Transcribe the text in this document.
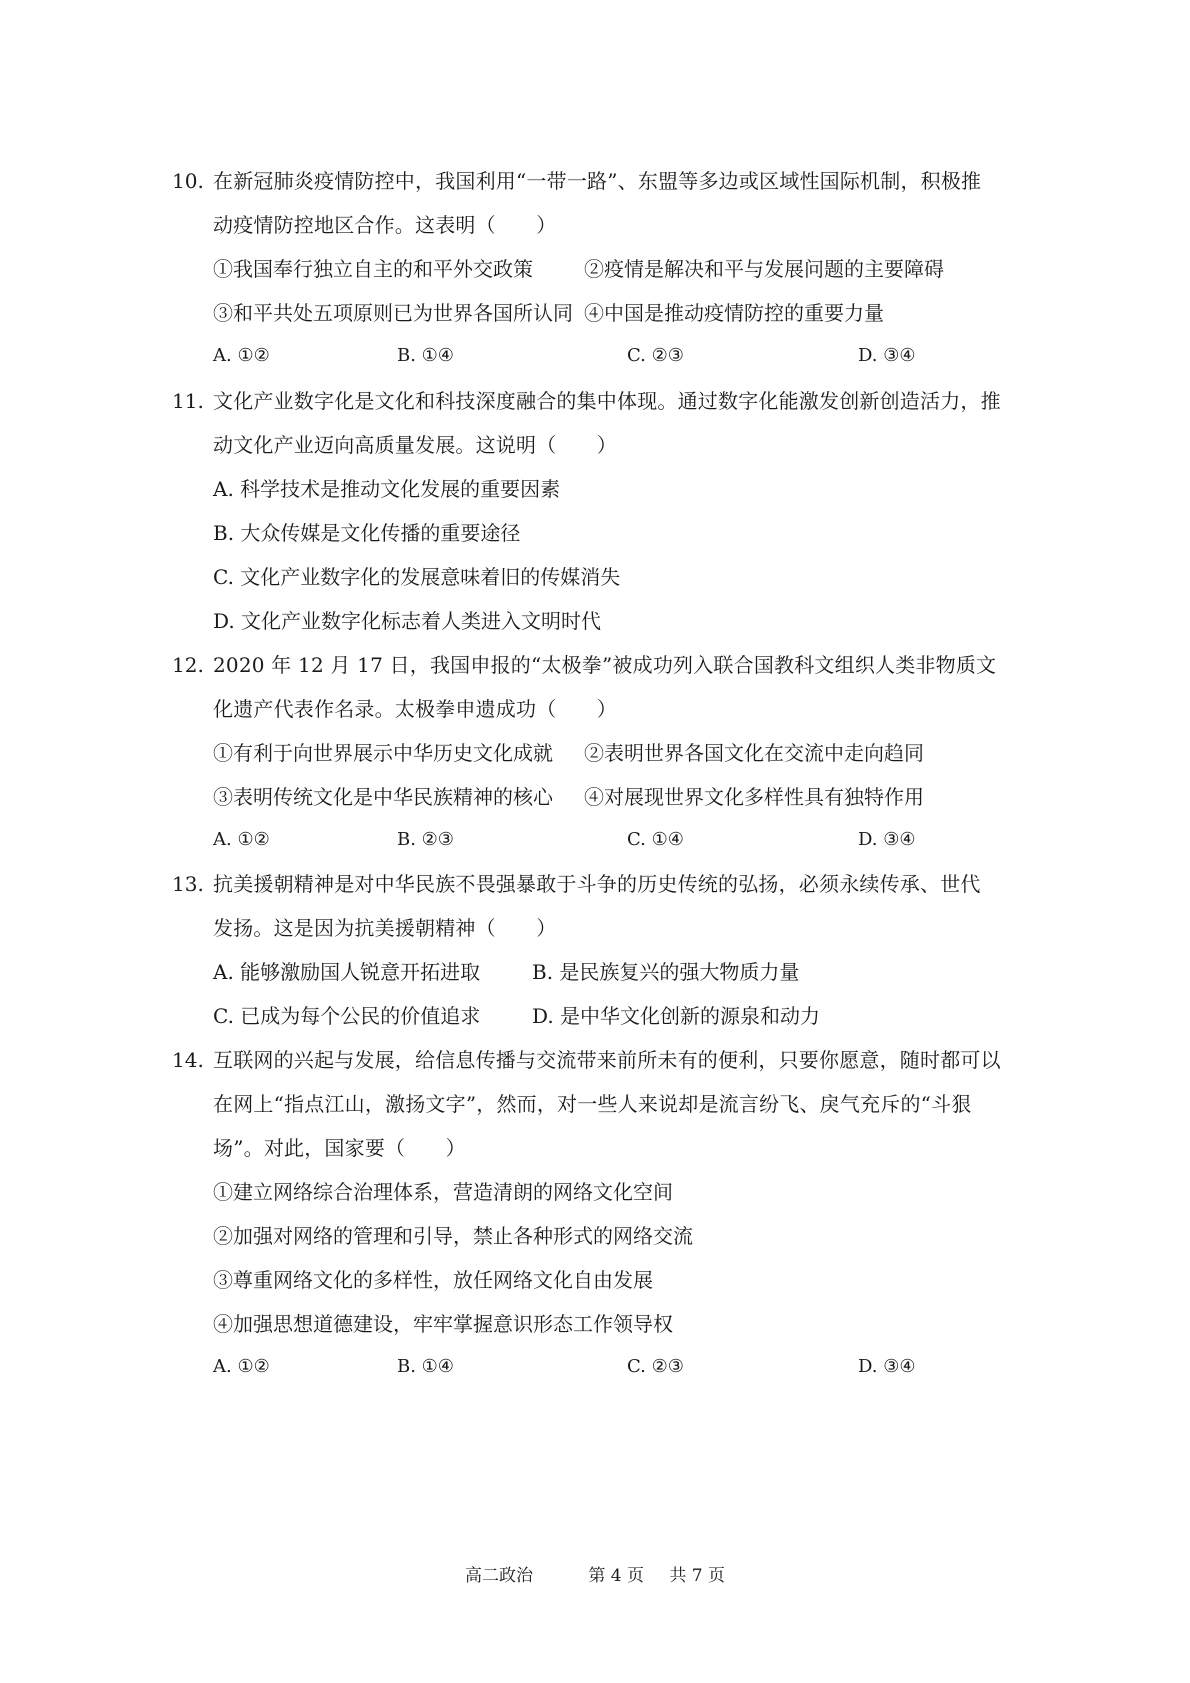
10. 在新冠肺炎疫情防控中，我国利用“一带一路”、东盟等多边或区域性国际机制，积极推
动疫情防控地区合作。这表明（　　）
①我国奉行独立自主的和平外交政策	②疫情是解决和平与发展问题的主要障碍
③和平共处五项原则已为世界各国所认同 ④中国是推动疫情防控的重要力量
A. ①②	B. ①④	C. ②③	D. ③④
11. 文化产业数字化是文化和科技深度融合的集中体现。通过数字化能激发创新创造活力，推
动文化产业迈向高质量发展。这说明（　　）
A. 科学技术是推动文化发展的重要因素
B. 大众传媒是文化传播的重要途径
C. 文化产业数字化的发展意味着旧的传媒消失
D. 文化产业数字化标志着人类进入文明时代
12. 2020 年 12 月 17 日，我国申报的“太极拳”被成功列入联合国教科文组织人类非物质文
化遗产代表作名录。太极拳申遗成功（　　）
①有利于向世界展示中华历史文化成就 ②表明世界各国文化在交流中走向趋同
③表明传统文化是中华民族精神的核心 ④对展现世界文化多样性具有独特作用
A. ①②	B. ②③	C. ①④	D. ③④
13. 抗美援朝精神是对中华民族不畏强暴敢于斗争的历史传统的弘扬，必须永续传承、世代
发扬。这是因为抗美援朝精神（　　）
A. 能够激励国人锐意开拓进取	B. 是民族复兴的强大物质力量
C. 已成为每个公民的价值追求	D. 是中华文化创新的源泉和动力
14. 互联网的兴起与发展，给信息传播与交流带来前所未有的便利，只要你愿意，随时都可以
在网上“指点江山，激扬文字”，然而，对一些人来说却是流言纷飞、戾气充斥的“斗狠
场”。对此，国家要（　　）
①建立网络综合治理体系，营造清朗的网络文化空间
②加强对网络的管理和引导，禁止各种形式的网络交流
③尊重网络文化的多样性，放任网络文化自由发展
④加强思想道德建设，牢牢掌握意识形态工作领导权
A. ①②	B. ①④	C. ②③	D. ③④
高二政治	第 4 页 共 7 页
